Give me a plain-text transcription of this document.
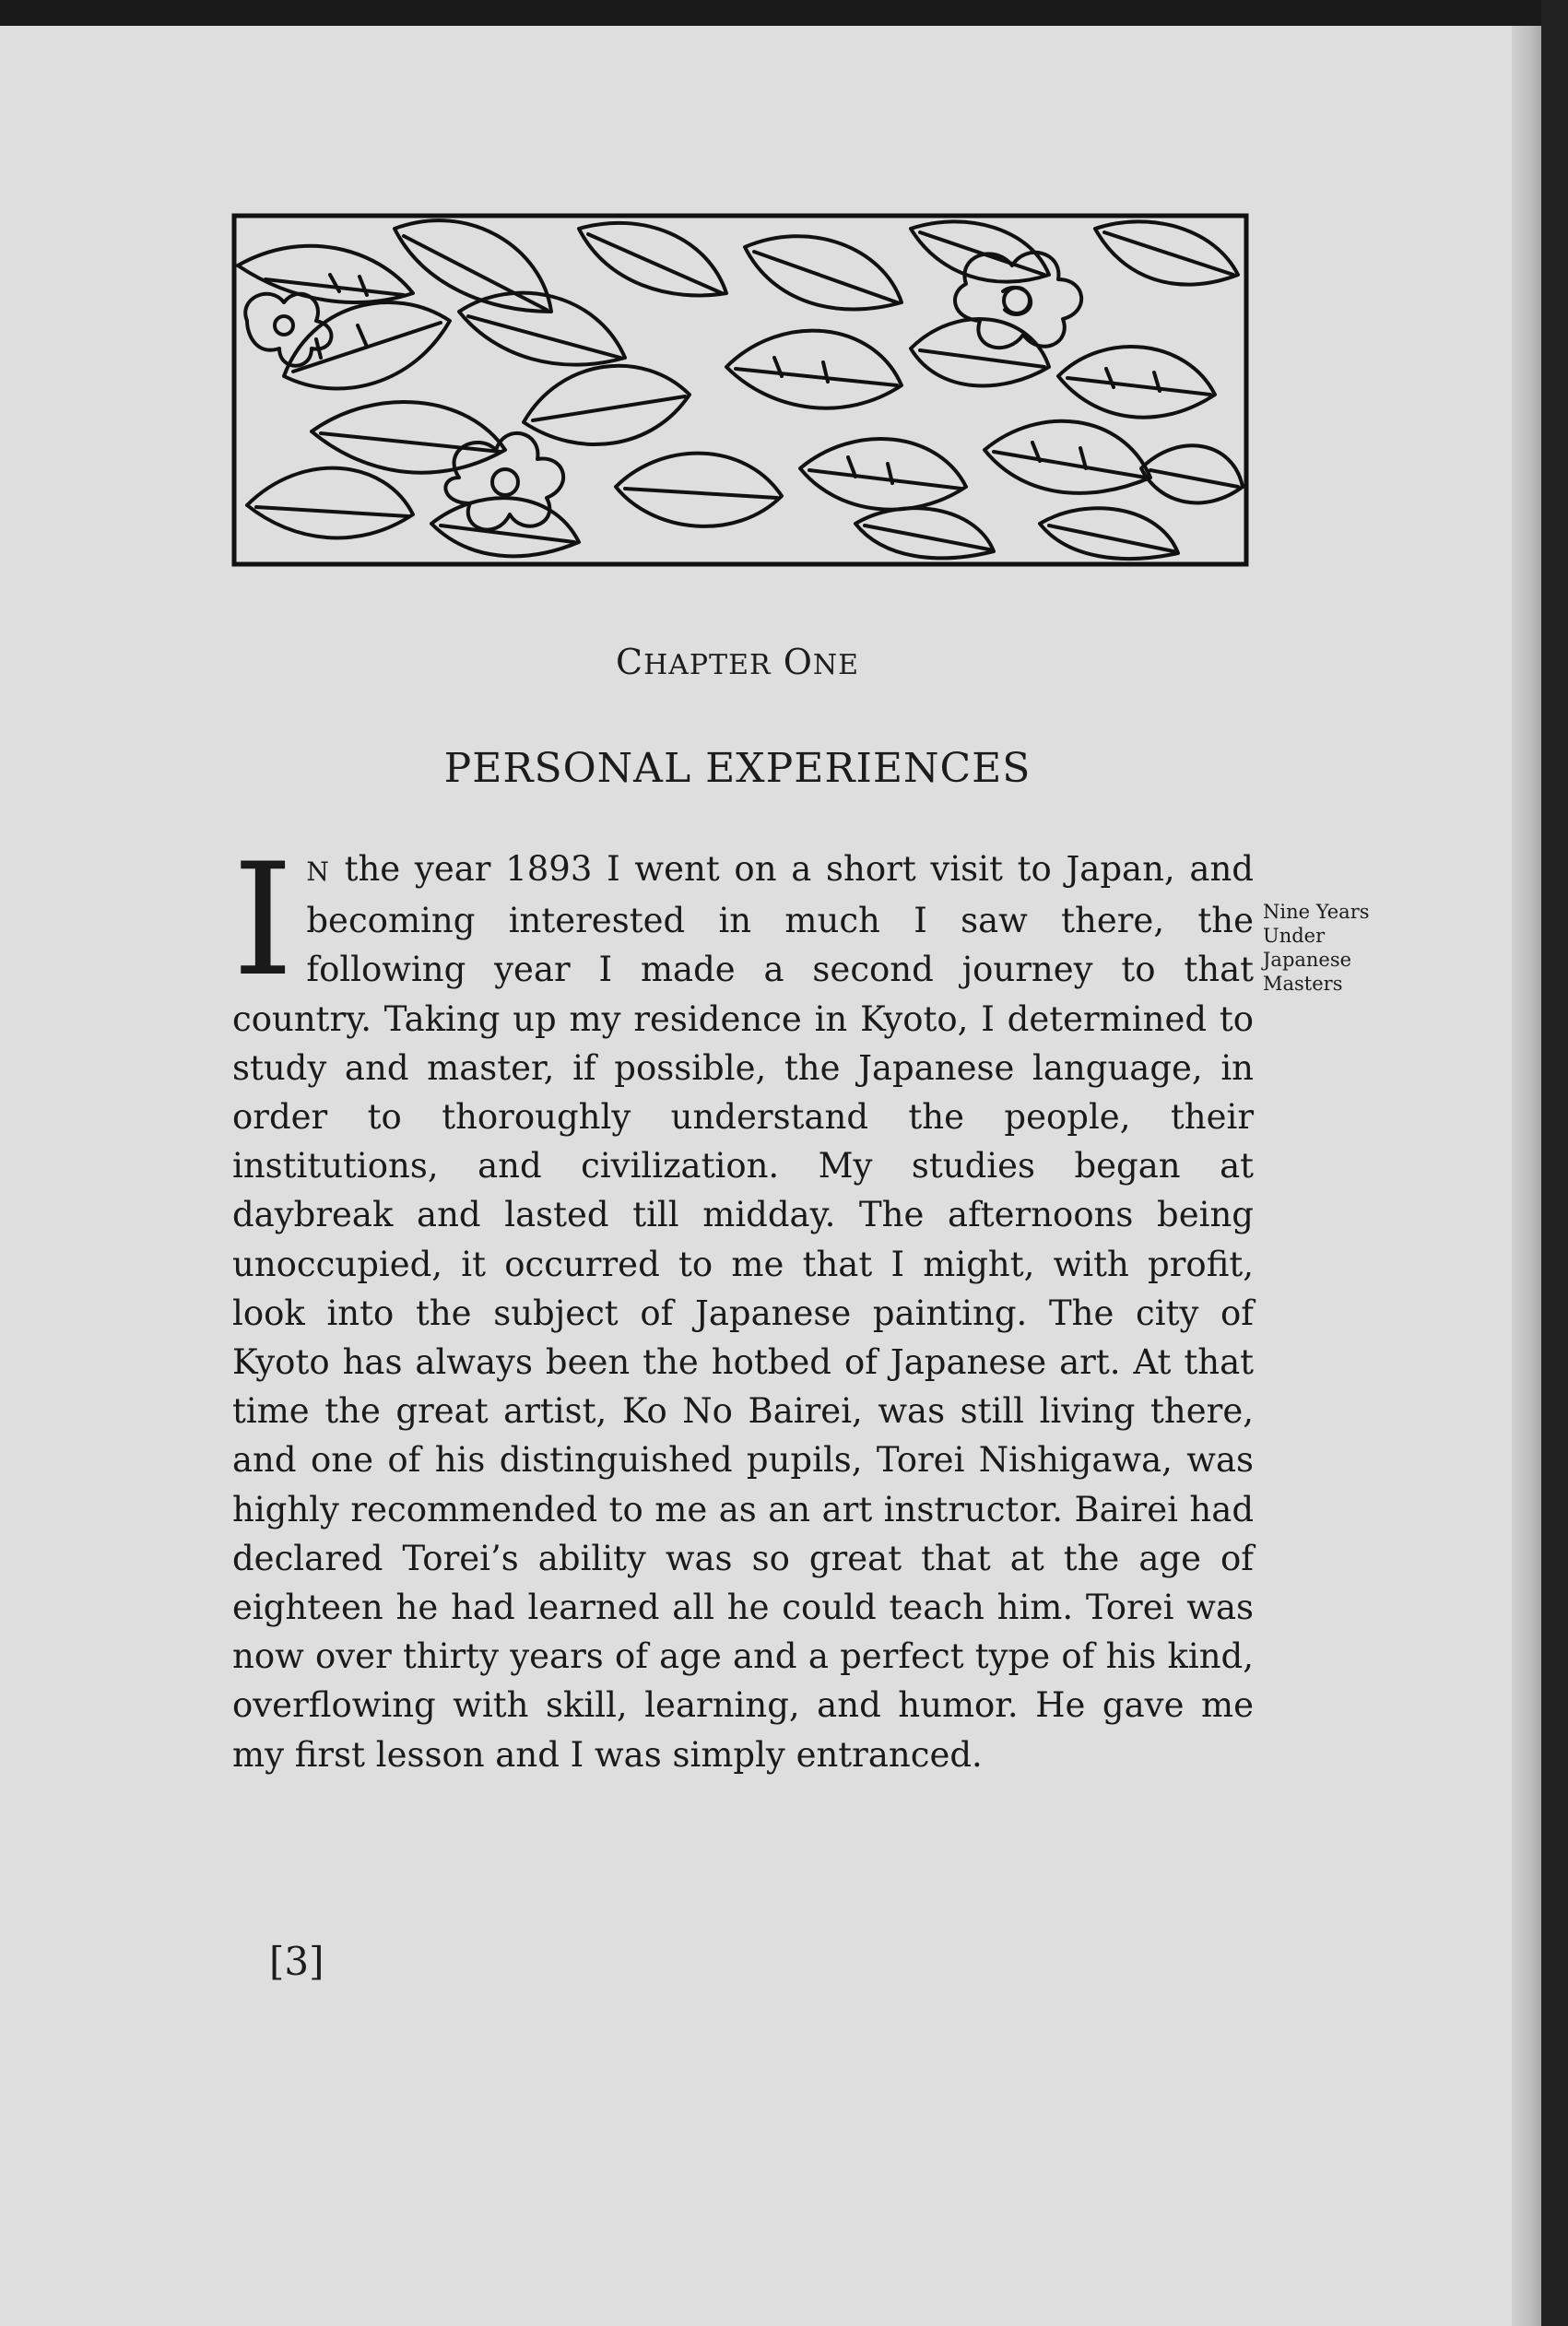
CHAPTER ONE

PERSONAL EXPERIENCES

I N the year 1893 I went on a short visit to Japan, and becoming interested in much I saw there, the following year I made a second journey to that country. Taking up my residence in Kyoto, I determined to study and master, if possible, the Japanese language, in order to thoroughly understand the people, their institutions, and civilization. My studies began at daybreak and lasted till midday. The afternoons being unoccupied, it occurred to me that I might, with profit, look into the subject of Japanese painting. The city of Kyoto has always been the hotbed of Japanese art. At that time the great artist, Ko No Bairei, was still living there, and one of his distinguished pupils, Torei Nishigawa, was highly recommended to me as an art instructor. Bairei had declared Torei’s ability was so great that at the age of eighteen he had learned all he could teach him. Torei was now over thirty years of age and a perfect type of his kind, overflowing with skill, learning, and humor. He gave me my first lesson and I was simply entranced.

Nine Years
Under
Japanese
Masters

[3]
